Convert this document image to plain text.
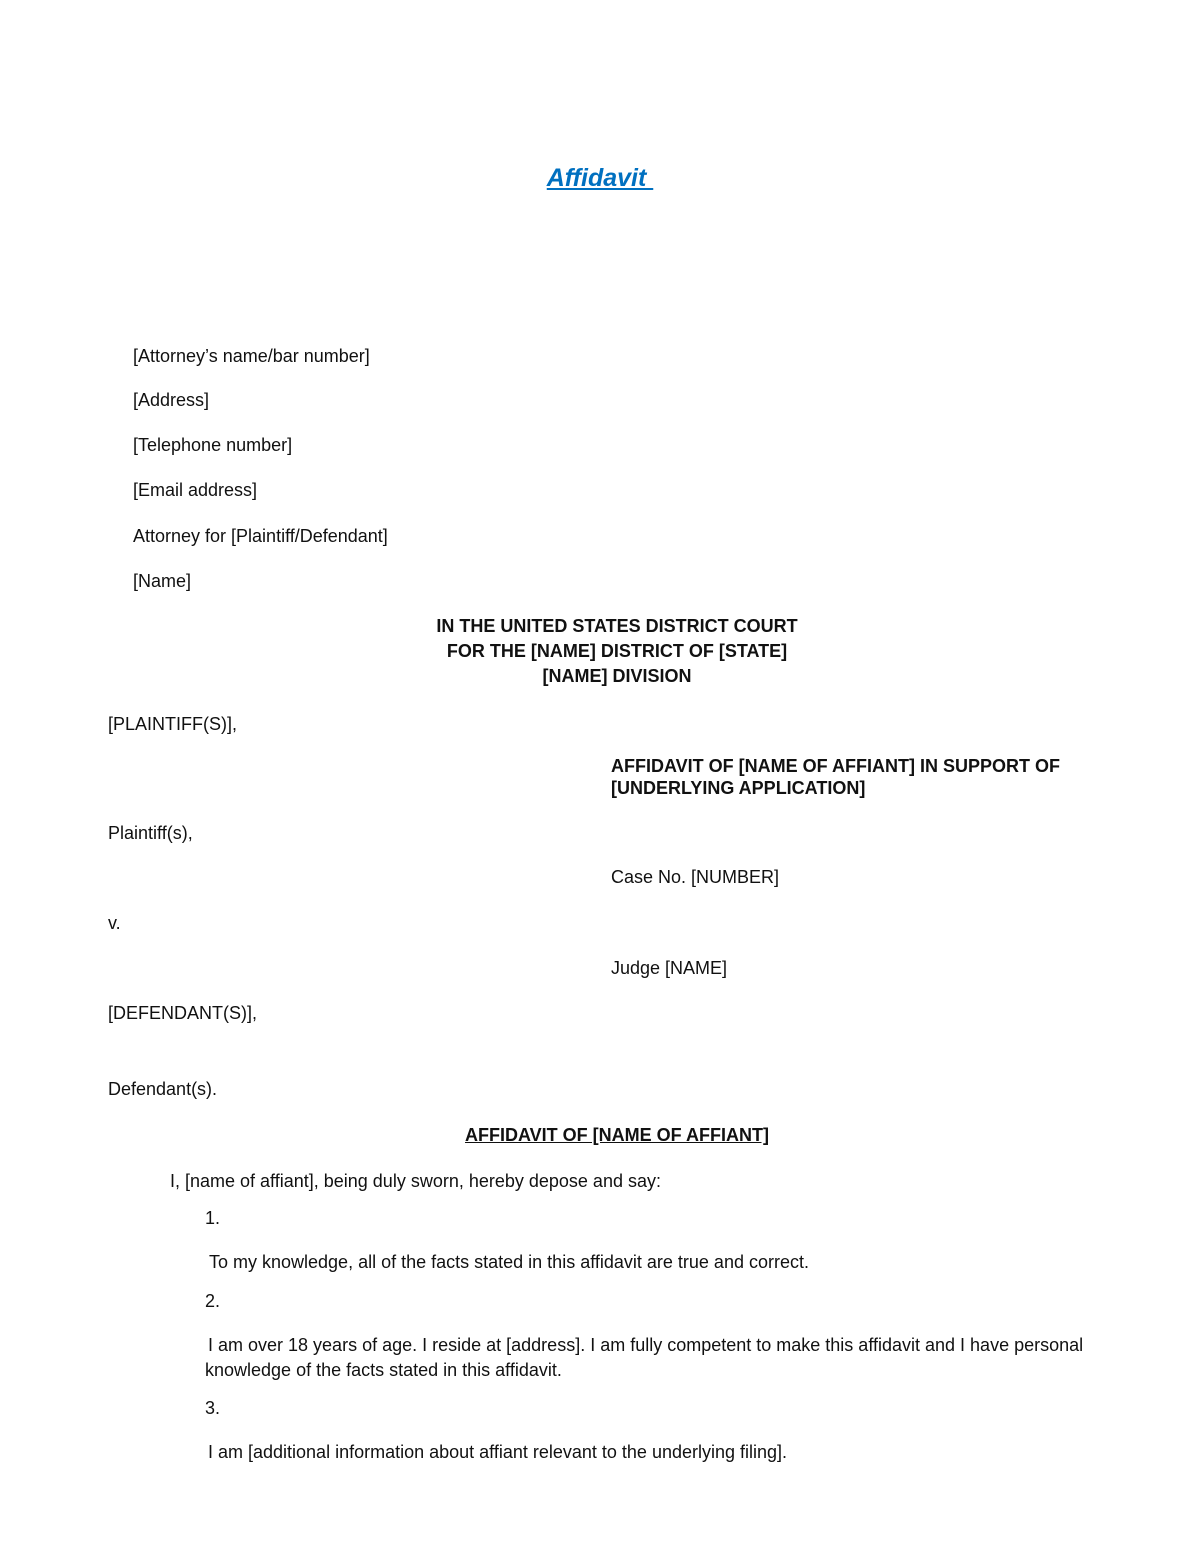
Affidavit
[Attorney’s name/bar number]
[Address]
[Telephone number]
[Email address]
Attorney for [Plaintiff/Defendant]
[Name]
IN THE UNITED STATES DISTRICT COURT
FOR THE [NAME] DISTRICT OF [STATE]
[NAME] DIVISION
[PLAINTIFF(S)],
AFFIDAVIT OF [NAME OF AFFIANT] IN SUPPORT OF
[UNDERLYING APPLICATION]
Plaintiff(s),
Case No. [NUMBER]
v.
Judge [NAME]
[DEFENDANT(S)],
Defendant(s).
AFFIDAVIT OF [NAME OF AFFIANT]
I, [name of affiant], being duly sworn, hereby depose and say:
1.
To my knowledge, all of the facts stated in this affidavit are true and correct.
2.
I am over 18 years of age. I reside at [address]. I am fully competent to make this affidavit and I have personal knowledge of the facts stated in this affidavit.
3.
I am [additional information about affiant relevant to the underlying filing].
